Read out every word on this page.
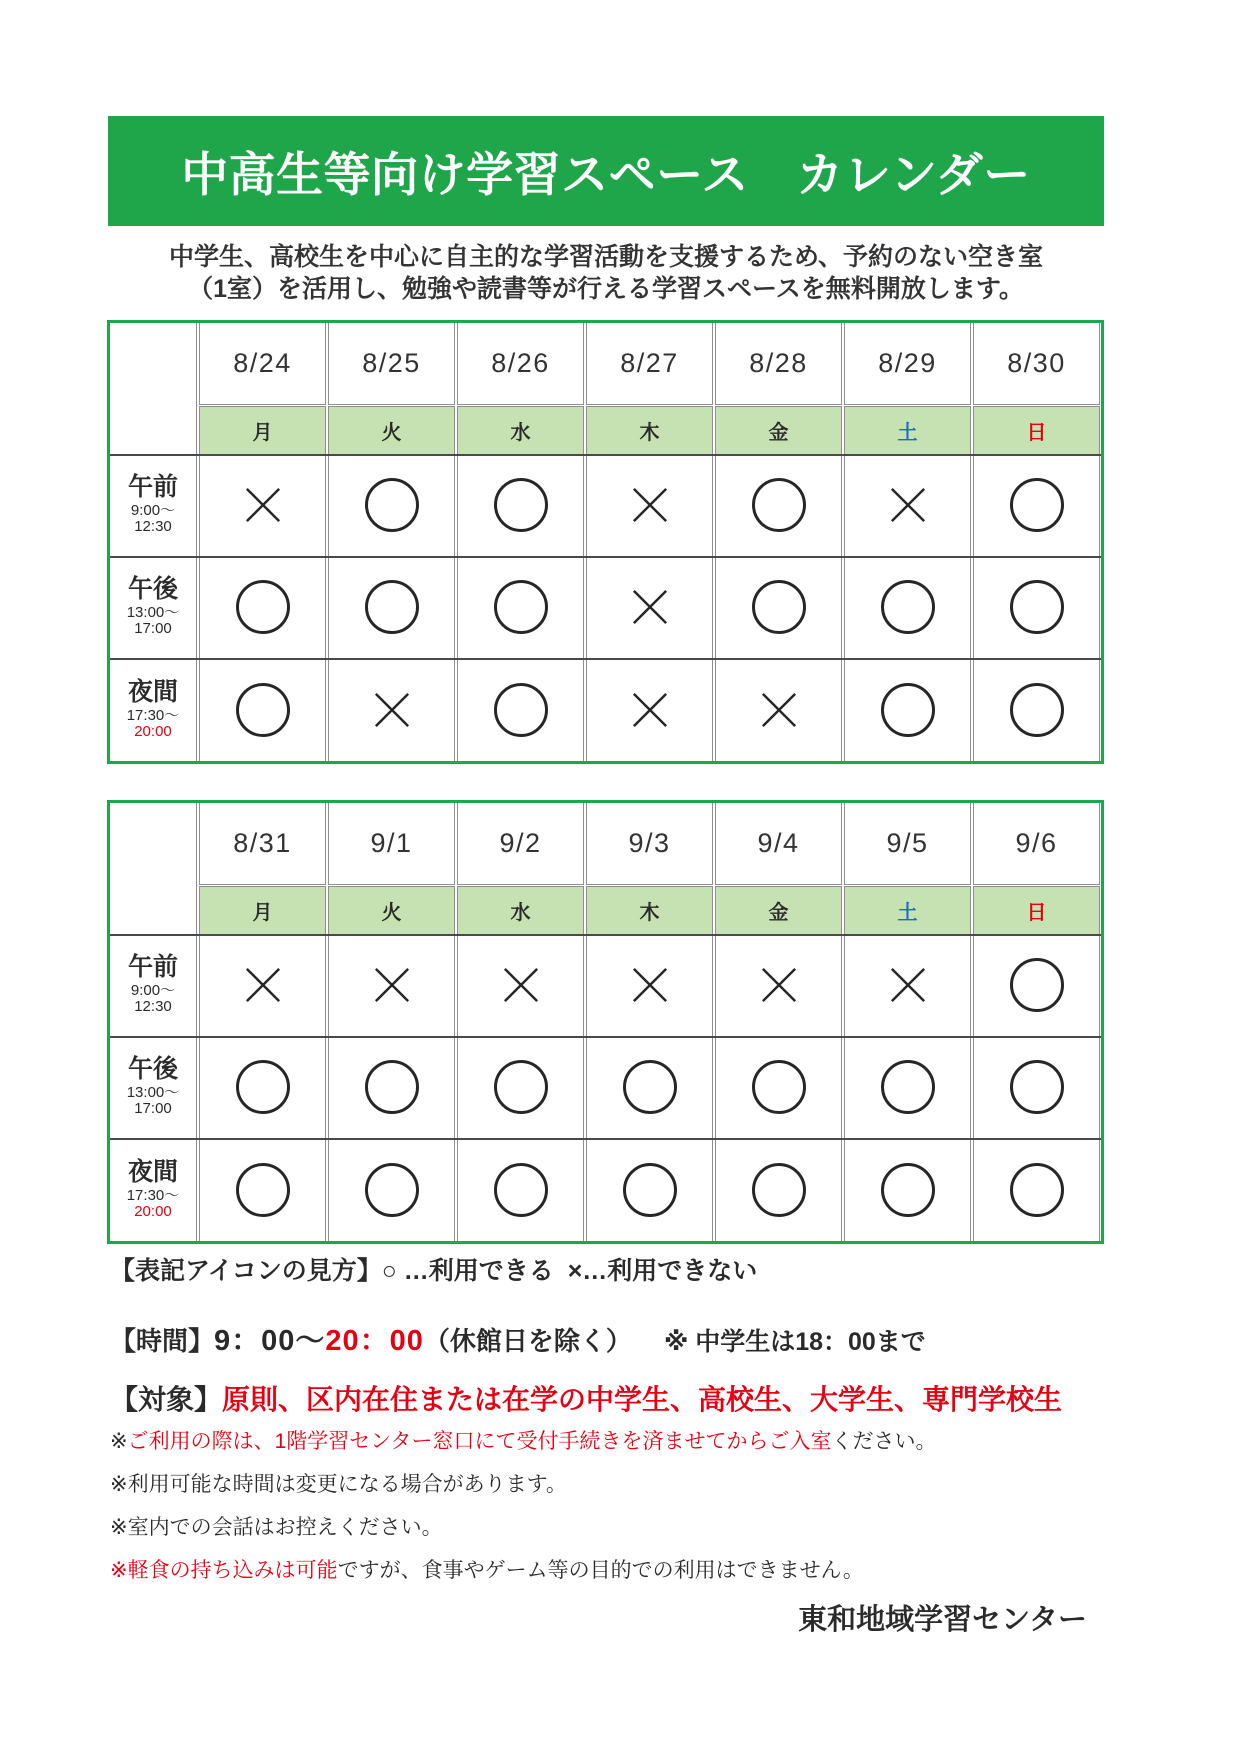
中高生等向け学習スペース　カレンダー
中学生、高校生を中心に自主的な学習活動を支援するため、予約のない空き室
（1室）を活用し、勉強や読書等が行える学習スペースを無料開放します。
8/24
月
8/25
火
8/26
水
8/27
木
8/28
金
8/29
土
8/30
日
午前
9:00〜
12:30
午後
13:00〜
17:00
夜間
17:30〜
20:00
8/31
月
9/1
火
9/2
水
9/3
木
9/4
金
9/5
土
9/6
日
午前
9:00〜
12:30
午後
13:00〜
17:00
夜間
17:30〜
20:00
【表記アイコンの見方】○ …利用できる  ×…利用できない
【時間】9：00〜20：00（休館日を除く） ※ 中学生は18：00まで
【対象】原則、区内在住または在学の中学生、高校生、大学生、専門学校生
※ご利用の際は、1階学習センター窓口にて受付手続きを済ませてからご入室ください。
※利用可能な時間は変更になる場合があります。
※室内での会話はお控えください。
※軽食の持ち込みは可能ですが、食事やゲーム等の目的での利用はできません。
東和地域学習センター
